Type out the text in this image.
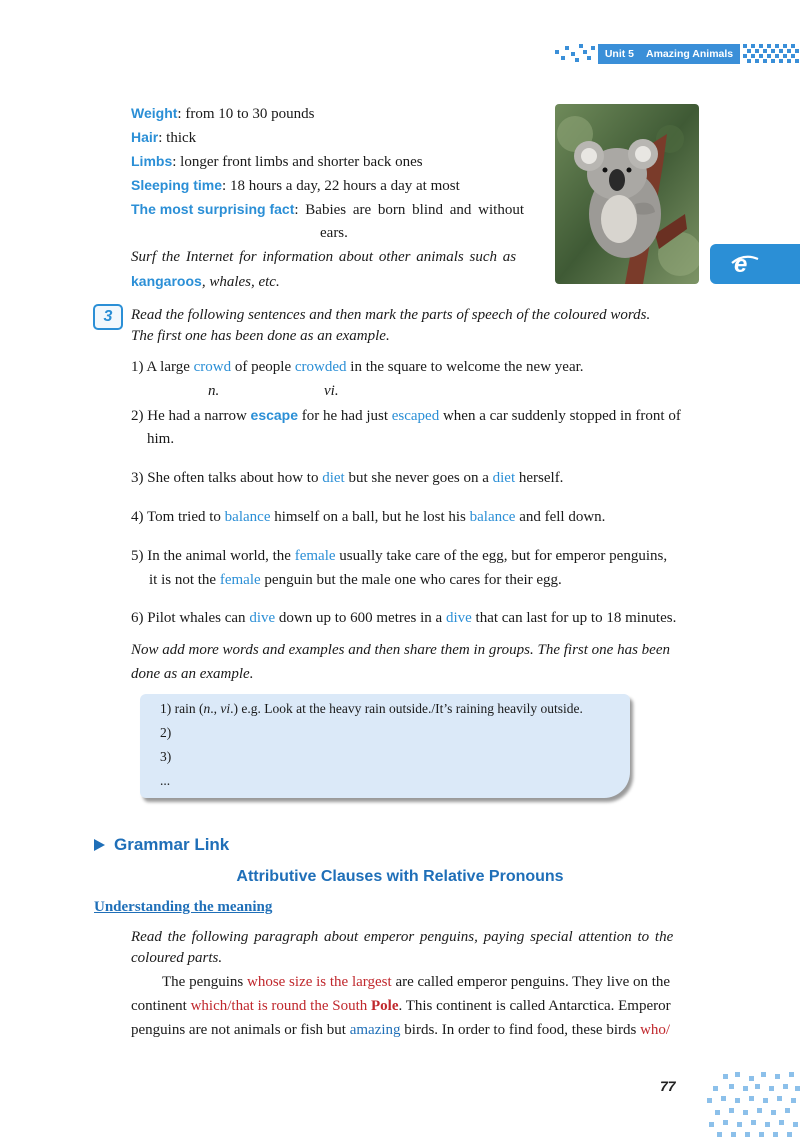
Unit 5 Amazing Animals
e
Weight: from 10 to 30 pounds
Hair: thick
Limbs: longer front limbs and shorter back ones
Sleeping time: 18 hours a day, 22 hours a day at most
The most surprising fact: Babies are born blind and without
ears.
Surf the Internet for information about other animals such as
kangaroos, whales, etc.
3	Read the following sentences and then mark the parts of speech of the coloured words.
The first one has been done as an example.
1) A large crowd of people crowded in the square to welcome the new year.
n.	vi.
2) He had a narrow escape for he had just escaped when a car suddenly stopped in front of
him.
3) She often talks about how to diet but she never goes on a diet herself.
4) Tom tried to balance himself on a ball, but he lost his balance and fell down.
5) In the animal world, the female usually take care of the egg, but for emperor penguins,
it is not the female penguin but the male one who cares for their egg.
6) Pilot whales can dive down up to 600 metres in a dive that can last for up to 18 minutes.
Now add more words and examples and then share them in groups. The first one has been
done as an example.
1) rain (n., vi.) e.g. Look at the heavy rain outside./It’s raining heavily outside.
2)
3)
...
Grammar Link
Attributive Clauses with Relative Pronouns
Understanding the meaning
Read the following paragraph about emperor penguins, paying special attention to the
coloured parts.
The penguins whose size is the largest are called emperor penguins. They live on the
continent which/that is round the South Pole. This continent is called Antarctica. Emperor
penguins are not animals or fish but amazing birds. In order to find food, these birds who/
77
